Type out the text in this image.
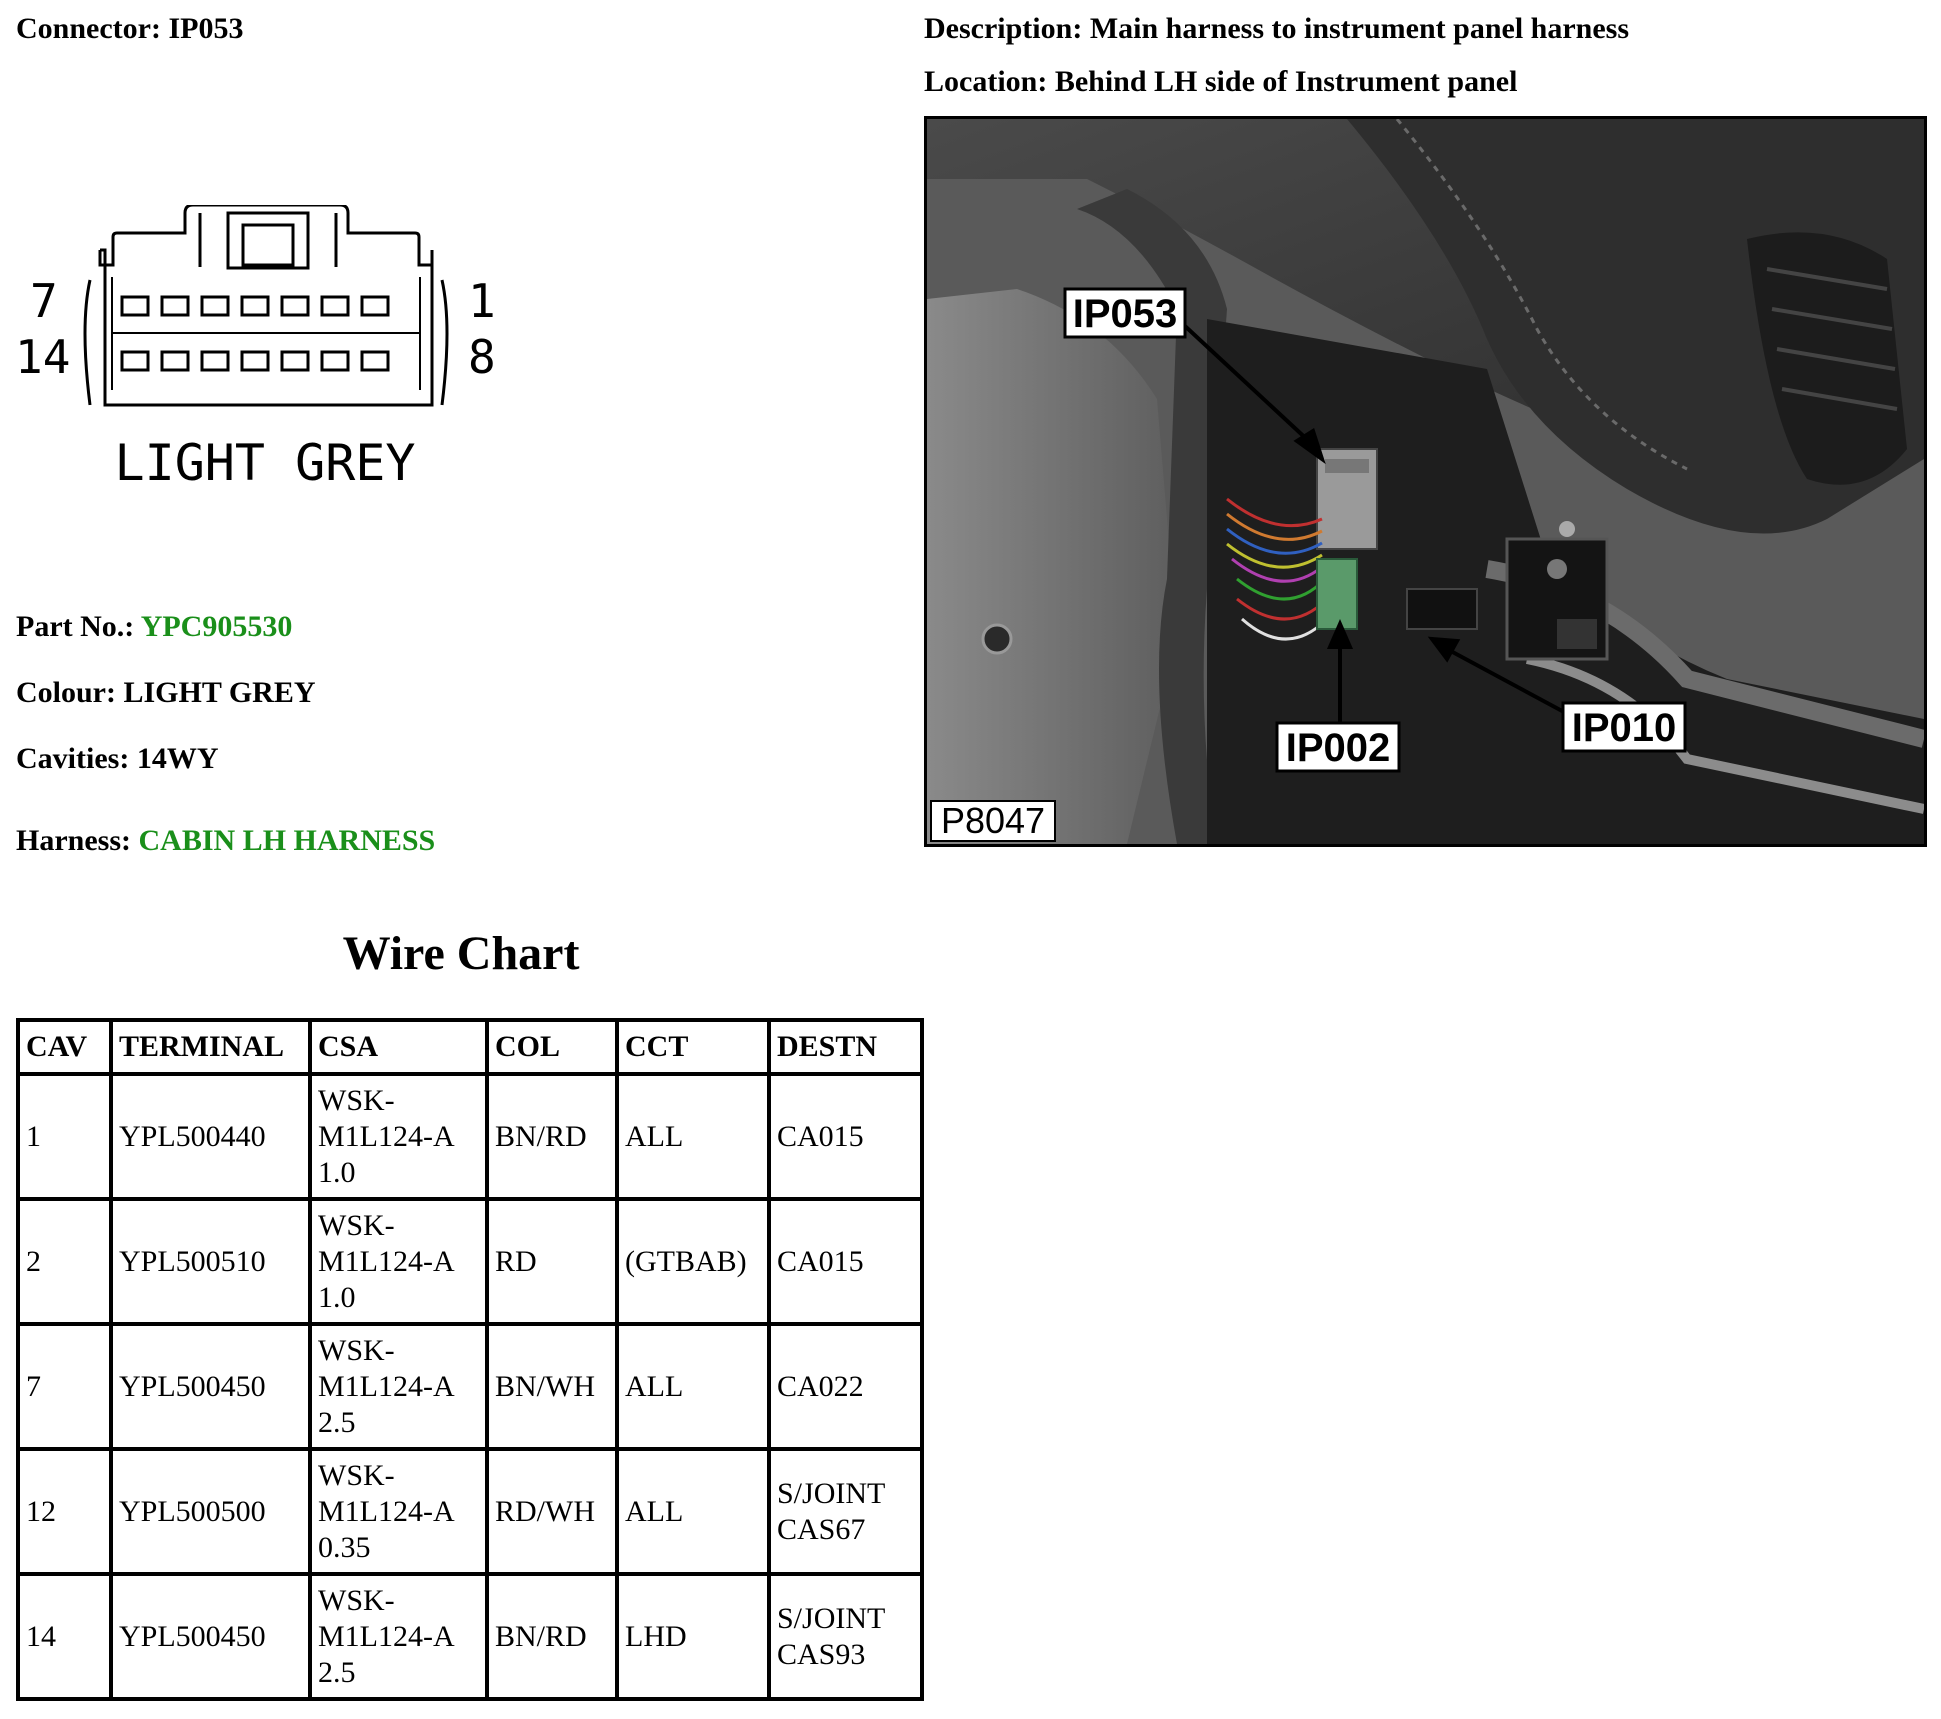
Connector: IP053	Description: Main harness to instrument panel harness
Location: Behind LH side of Instrument panel
7
14
1
8
LIGHT GREY
Part No.: YPC905530
Colour: LIGHT GREY
Cavities: 14WY
Harness: CABIN LH HARNESS
IP053
IP002	IP010
P8047
Wire Chart
CAV	TERMINAL	CSA	COL	CCT	DESTN
1	YPL500440	WSK-
M1L124-A
1.0	BN/RD	ALL	CA015
2	YPL500510	WSK-
M1L124-A
1.0	RD	(GTBAB)	CA015
7	YPL500450	WSK-
M1L124-A
2.5	BN/WH	ALL	CA022
12	YPL500500	WSK-
M1L124-A
0.35	RD/WH	ALL	S/JOINT
CAS67
14	YPL500450	WSK-
M1L124-A
2.5	BN/RD	LHD	S/JOINT
CAS93
